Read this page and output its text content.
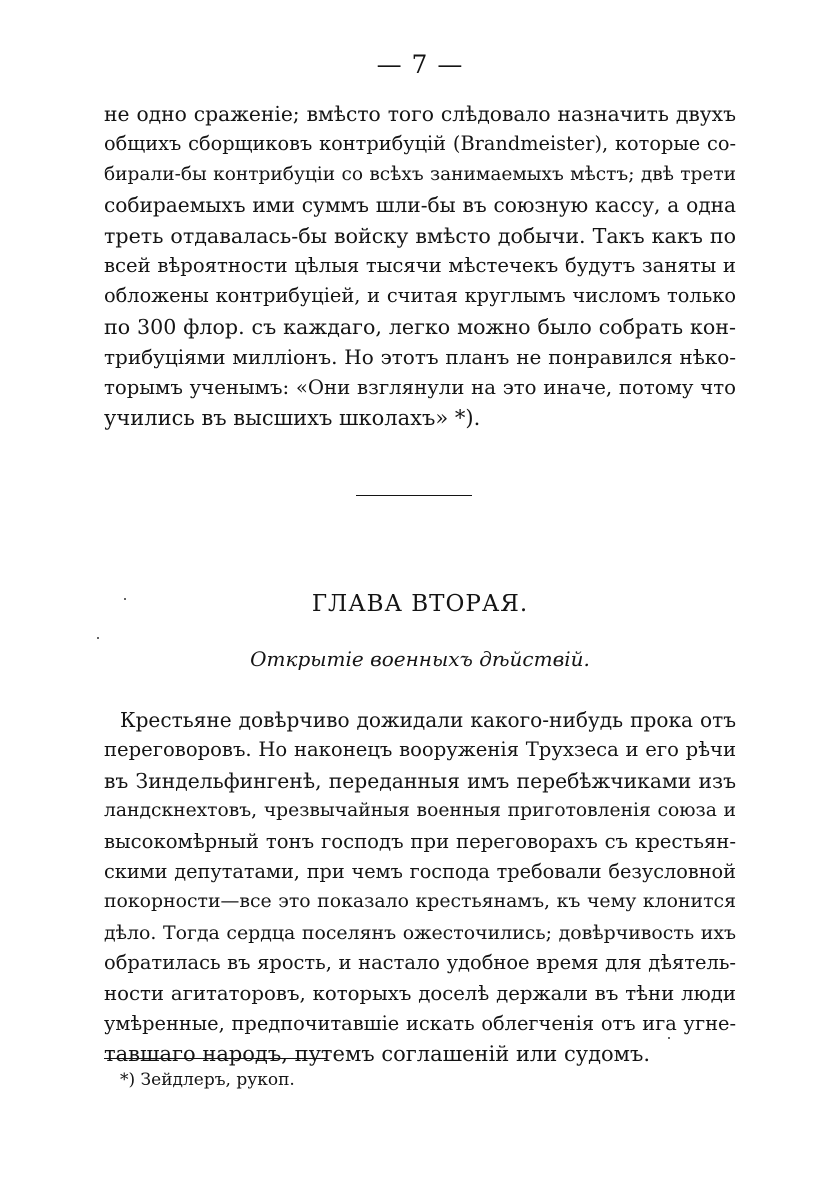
— 7 —
не одно сраженіе; вмѣсто того слѣдовало назначить двухъ
общихъ сборщиковъ контрибуцій (Brandmeister), которые со-
бирали-бы контрибуціи со всѣхъ занимаемыхъ мѣстъ; двѣ трети
собираемыхъ ими суммъ шли-бы въ союзную кассу, а одна
треть отдавалась-бы войску вмѣсто добычи. Такъ какъ по
всей вѣроятности цѣлыя тысячи мѣстечекъ будутъ заняты и
обложены контрибуціей, и считая круглымъ числомъ только
по 300 флор. съ каждаго, легко можно было собрать кон-
трибуціями милліонъ. Но этотъ планъ не понравился нѣко-
торымъ ученымъ: «Они взглянули на это иначе, потому что
учились въ высшихъ школахъ» *).
ГЛАВА ВТОРАЯ.
Открытіе военныхъ дѣйствій.
Крестьяне довѣрчиво дожидали какого-нибудь прока отъ
переговоровъ. Но наконецъ вооруженія Трухзеса и его рѣчи
въ Зиндельфингенѣ, переданныя имъ перебѣжчиками изъ
ландскнехтовъ, чрезвычайныя военныя приготовленія союза и
высокомѣрный тонъ господъ при переговорахъ съ крестьян-
скими депутатами, при чемъ господа требовали безусловной
покорности—все это показало крестьянамъ, къ чему клонится
дѣло. Тогда сердца поселянъ ожесточились; довѣрчивость ихъ
обратилась въ ярость, и настало удобное время для дѣятель-
ности агитаторовъ, которыхъ доселѣ держали въ тѣни люди
умѣренные, предпочитавшіе искать облегченія отъ ига угне-
тавшаго народъ, путемъ соглашеній или судомъ.
*) Зейдлеръ, рукоп.
